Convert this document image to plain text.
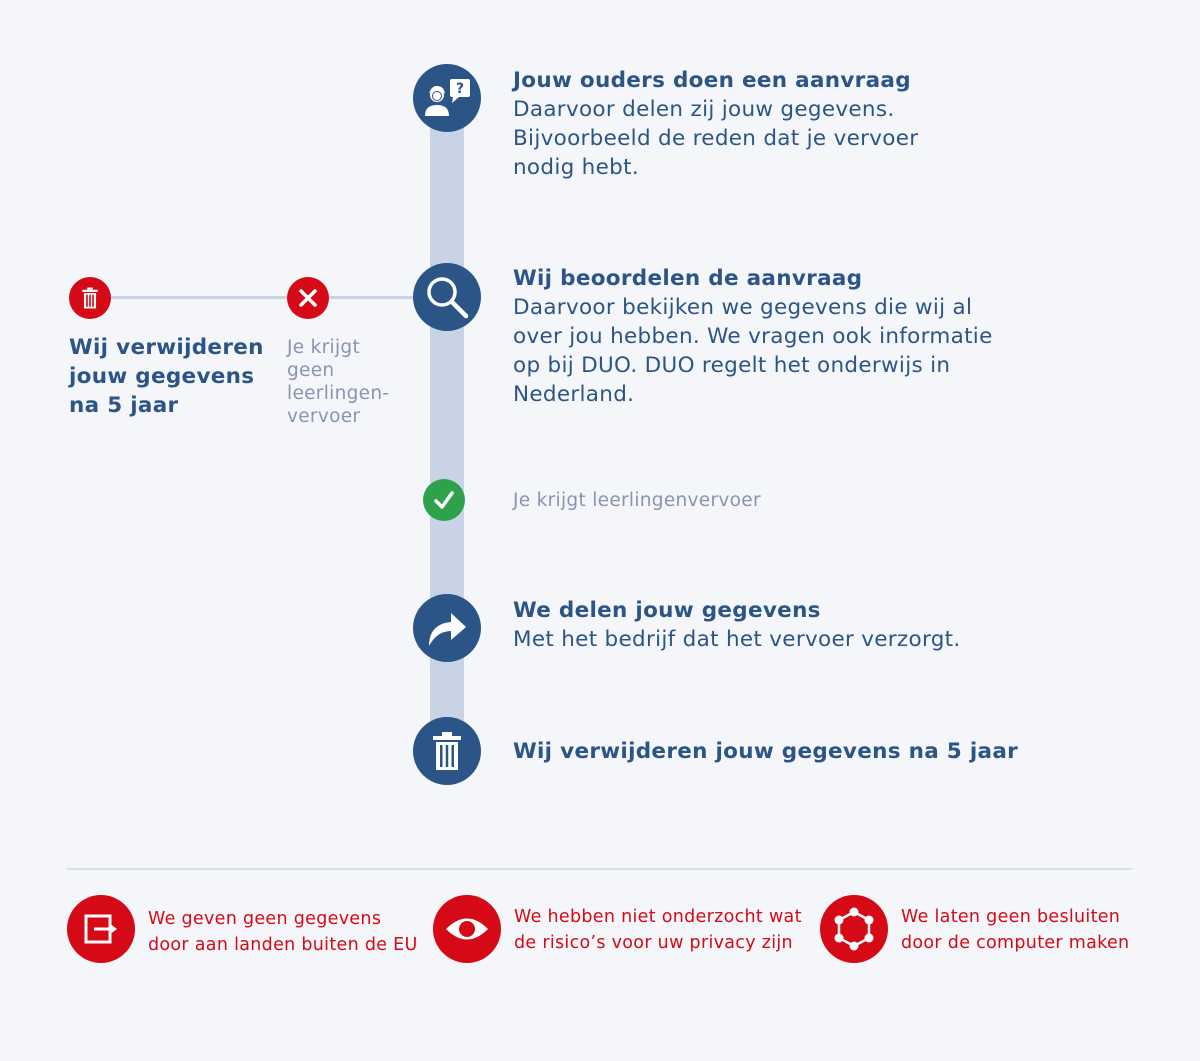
? Jouw ouders doen een aanvraag
Daarvoor delen zij jouw gegevens.
Bijvoorbeeld de reden dat je vervoer
nodig hebt.
Wij beoordelen de aanvraag
Daarvoor bekijken we gegevens die wij al
over jou hebben. We vragen ook informatie
op bij DUO. DUO regelt het onderwijs in
Nederland.
Je krijgt leerlingenvervoer
We delen jouw gegevens
Met het bedrijf dat het vervoer verzorgt.
Wij verwijderen jouw gegevens na 5 jaar
Je krijgt
geen
leerlingen-
vervoer
Wij verwijderen
jouw gegevens
na 5 jaar
We geven geen gegevens
door aan landen buiten de EU
We hebben niet onderzocht wat
de risico’s voor uw privacy zijn
We laten geen besluiten
door de computer maken
